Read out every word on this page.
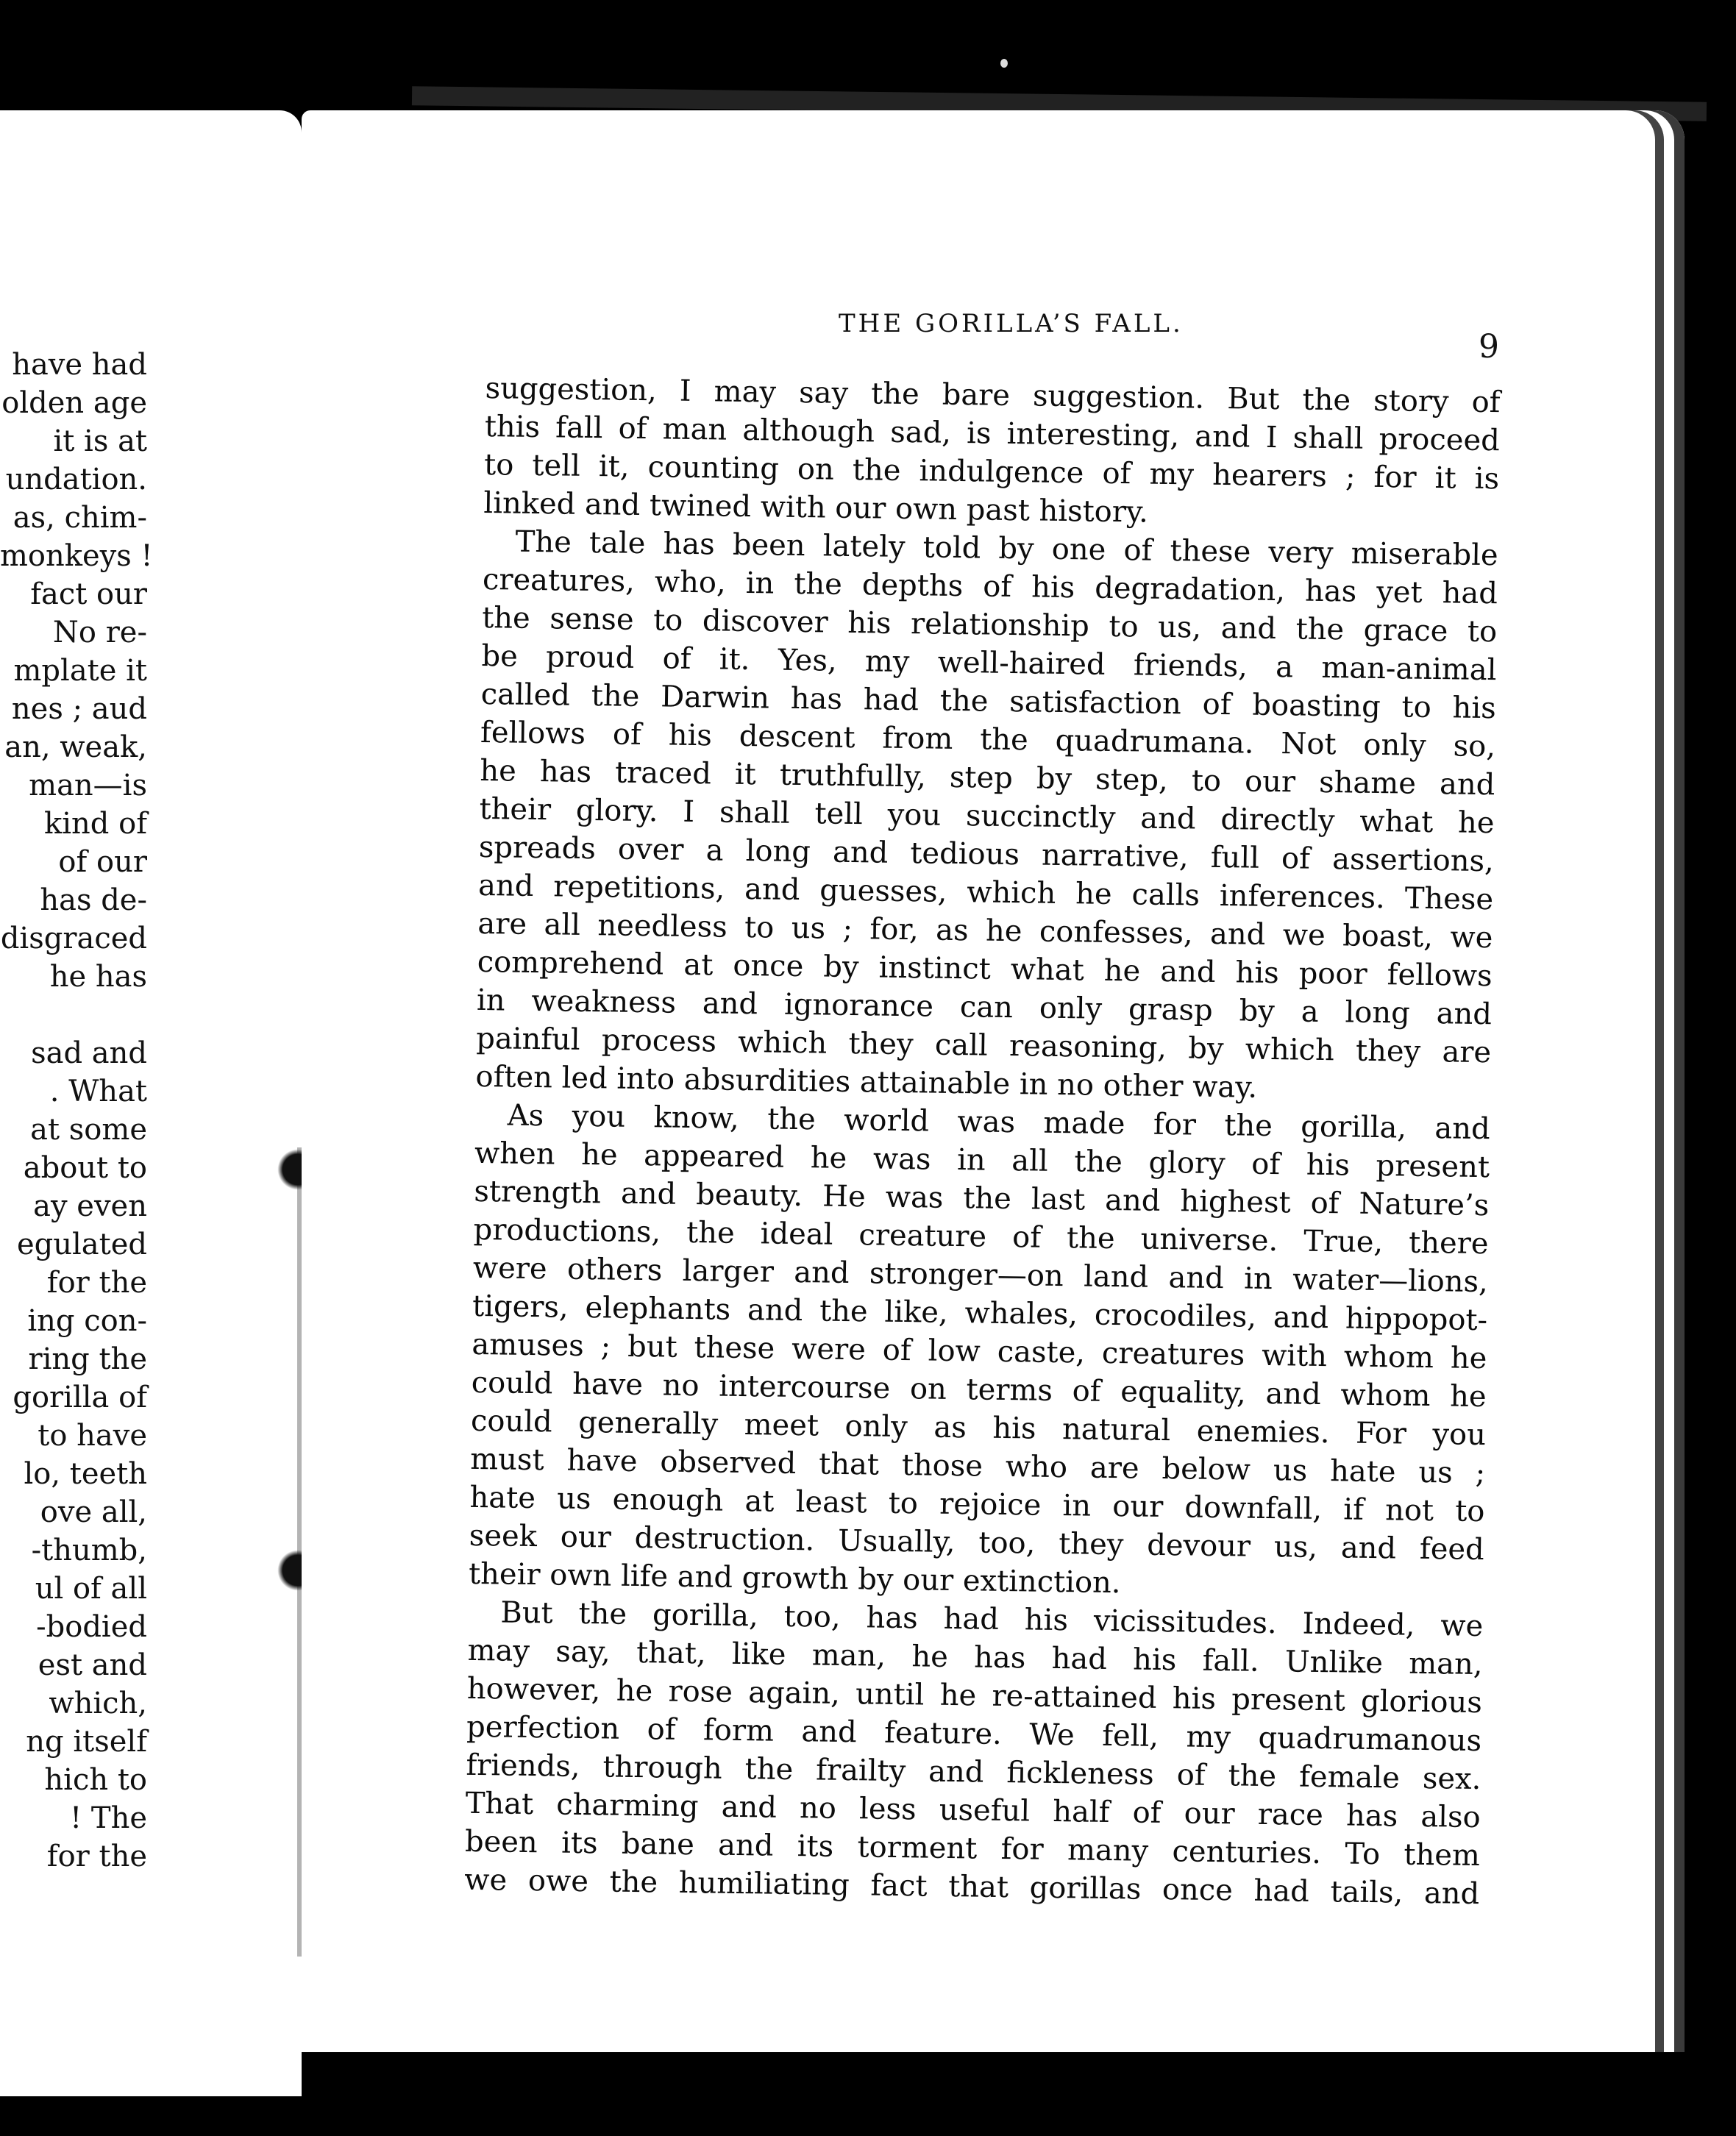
have had
olden age
it is at
undation.
as, chim-
monkeys !
fact our
No re-
mplate it
nes ; aud
an, weak,
man—is
kind of
of our
has de-
disgraced
he has

sad and
. What
at some
about to
ay even
egulated
for the
ing con-
ring the
gorilla of
to have
lo, teeth
ove all,
-thumb,
ul of all
-bodied
est and
which,
ng itself
hich to
! The
for the
THE GORILLA’S FALL.
9
suggestion, I may say the bare suggestion. But the story of
this fall of man although sad, is interesting, and I shall proceed
to tell it, counting on the indulgence of my hearers ; for it is
linked and twined with our own past history.
The tale has been lately told by one of these very miserable
creatures, who, in the depths of his degradation, has yet had
the sense to discover his relationship to us, and the grace to
be proud of it. Yes, my well-haired friends, a man-animal
called the Darwin has had the satisfaction of boasting to his
fellows of his descent from the quadrumana. Not only so,
he has traced it truthfully, step by step, to our shame and
their glory. I shall tell you succinctly and directly what he
spreads over a long and tedious narrative, full of assertions,
and repetitions, and guesses, which he calls inferences. These
are all needless to us ; for, as he confesses, and we boast, we
comprehend at once by instinct what he and his poor fellows
in weakness and ignorance can only grasp by a long and
painful process which they call reasoning, by which they are
often led into absurdities attainable in no other way.
As you know, the world was made for the gorilla, and
when he appeared he was in all the glory of his present
strength and beauty. He was the last and highest of Nature’s
productions, the ideal creature of the universe. True, there
were others larger and stronger—on land and in water—lions,
tigers, elephants and the like, whales, crocodiles, and hippopot-
amuses ; but these were of low caste, creatures with whom he
could have no intercourse on terms of equality, and whom he
could generally meet only as his natural enemies. For you
must have observed that those who are below us hate us ;
hate us enough at least to rejoice in our downfall, if not to
seek our destruction. Usually, too, they devour us, and feed
their own life and growth by our extinction.
But the gorilla, too, has had his vicissitudes. Indeed, we
may say, that, like man, he has had his fall. Unlike man,
however, he rose again, until he re-attained his present glorious
perfection of form and feature. We fell, my quadrumanous
friends, through the frailty and fickleness of the female sex.
That charming and no less useful half of our race has also
been its bane and its torment for many centuries. To them
we owe the humiliating fact that gorillas once had tails, and
